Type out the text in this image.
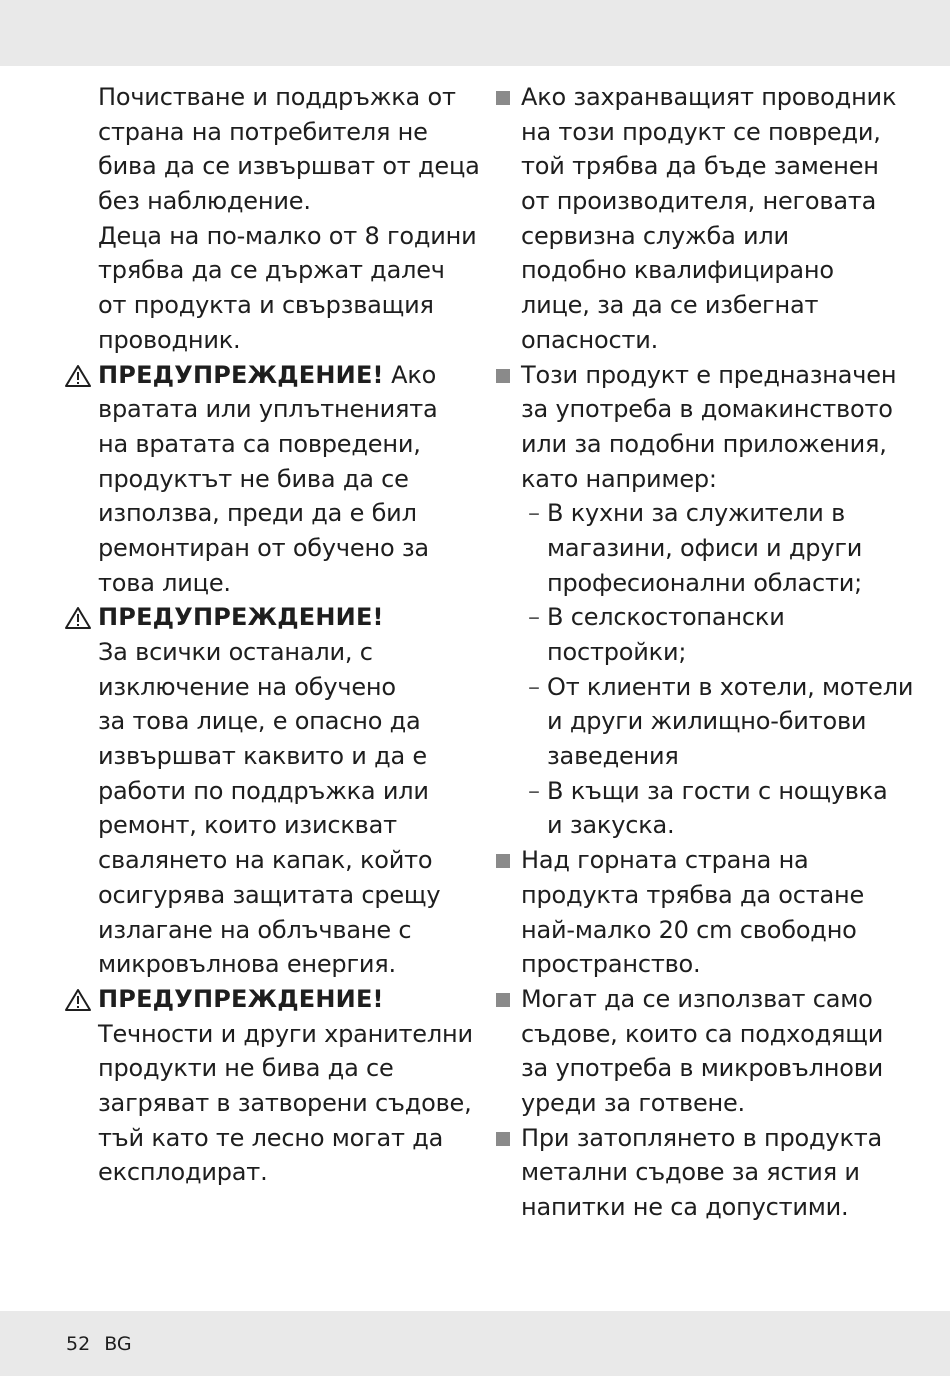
Почистване и поддръжка от
страна на потребителя не
бива да се извършват от деца
без наблюдение.
Деца на по-малко от 8 години
трябва да се държат далеч
от продукта и свързващия
проводник.
ПРЕДУПРЕЖДЕНИЕ! Ако
вратата или уплътненията
на вратата са повредени,
продуктът не бива да се
използва, преди да е бил
ремонтиран от обучено за
това лице.
ПРЕДУПРЕЖДЕНИЕ!
За всички останали, с
изключение на обучено
за това лице, е опасно да
извършват каквито и да е
работи по поддръжка или
ремонт, които изискват
свалянето на капак, който
осигурява защитата срещу
излагане на облъчване с
микровълнова енергия.
ПРЕДУПРЕЖДЕНИЕ!
Течности и други хранителни
продукти не бива да се
загряват в затворени съдове,
тъй като те лесно могат да
експлодират.
Ако захранващият проводник
на този продукт се повреди,
той трябва да бъде заменен
от производителя, неговата
сервизна служба или
подобно квалифицирано
лице, за да се избегнат
опасности.
Този продукт е предназначен
за употреба в домакинството
или за подобни приложения,
като например:
– В кухни за служители в
магазини, офиси и други
професионални области;
– В селскостопански
постройки;
– От клиенти в хотели, мотели
и други жилищно-битови
заведения
– В къщи за гости с нощувка
и закуска.
Над горната страна на
продукта трябва да остане
най-малко 20 cm свободно
пространство.
Могат да се използват само
съдове, които са подходящи
за употреба в микровълнови
уреди за готвене.
При затоплянето в продукта
метални съдове за ястия и
напитки не са допустими.
52 BG
